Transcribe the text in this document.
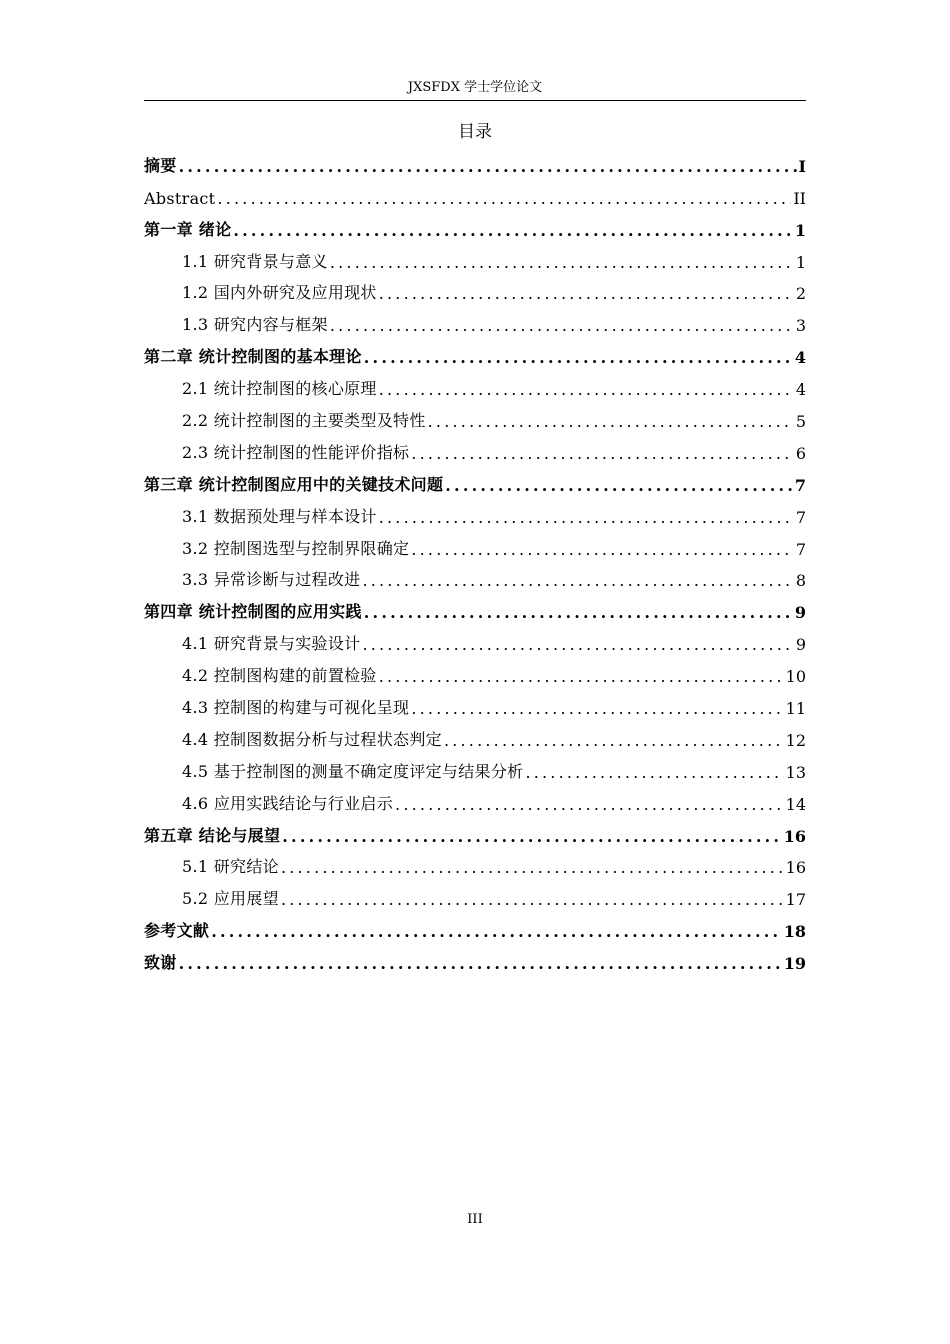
JXSFDX 学士学位论文
目录
摘要 .....	I
Abstract .....	II
第一章 绪论 .....	1
1.1 研究背景与意义 .....	1
1.2 国内外研究及应用现状 .....	2
1.3 研究内容与框架 .....	3
第二章 统计控制图的基本理论 .....	4
2.1 统计控制图的核心原理 .....	4
2.2 统计控制图的主要类型及特性 .....	5
2.3 统计控制图的性能评价指标 .....	6
第三章 统计控制图应用中的关键技术问题 .....	7
3.1 数据预处理与样本设计 .....	7
3.2 控制图选型与控制界限确定 .....	7
3.3 异常诊断与过程改进 .....	8
第四章 统计控制图的应用实践 .....	9
4.1 研究背景与实验设计 .....	9
4.2 控制图构建的前置检验 .....	10
4.3 控制图的构建与可视化呈现 .....	11
4.4 控制图数据分析与过程状态判定 .....	12
4.5 基于控制图的测量不确定度评定与结果分析 .....	13
4.6 应用实践结论与行业启示 .....	14
第五章 结论与展望 .....	16
5.1 研究结论 .....	16
5.2 应用展望 .....	17
参考文献 .....	18
致谢 .....	19
III
